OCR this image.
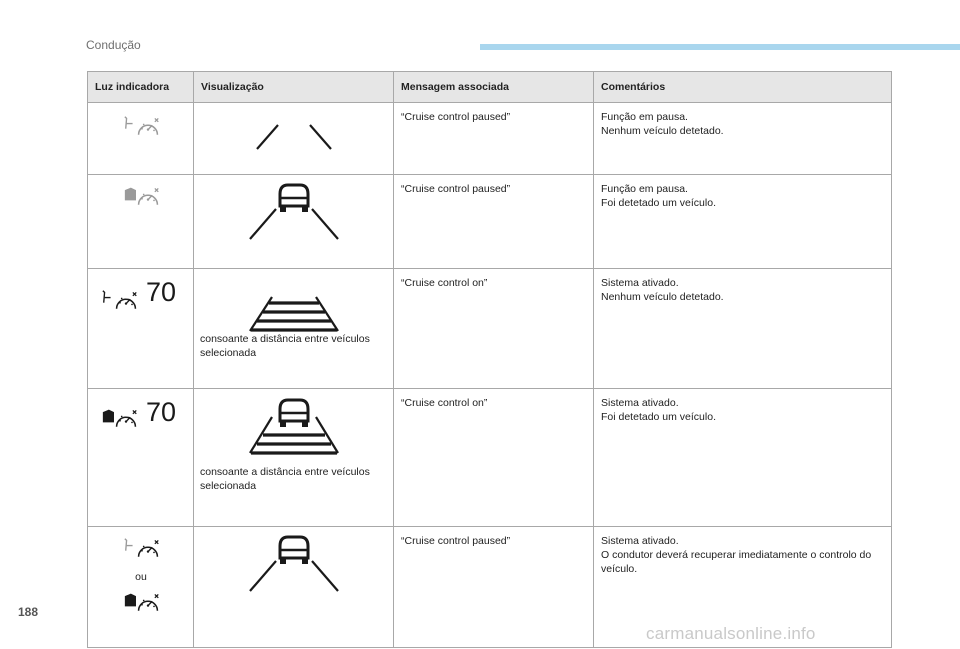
Condução
Luz indicadora	Visualização	Mensagem associada	Comentários

	“Cruise control paused”	Função em pausa.
Nenhum veículo detetado.

	“Cruise control paused”	Função em pausa.
Foi detetado um veículo.

70	consoante a distância entre veículos
selecionada	“Cruise control on”	Sistema ativado.
Nenhum veículo detetado.

70	consoante a distância entre veículos
selecionada	“Cruise control on”	Sistema ativado.
Foi detetado um veículo.

ou		“Cruise control paused”	Sistema ativado.
O condutor deverá recuperar imediatamente o controlo do veículo.
188
carmanualsonline.info
